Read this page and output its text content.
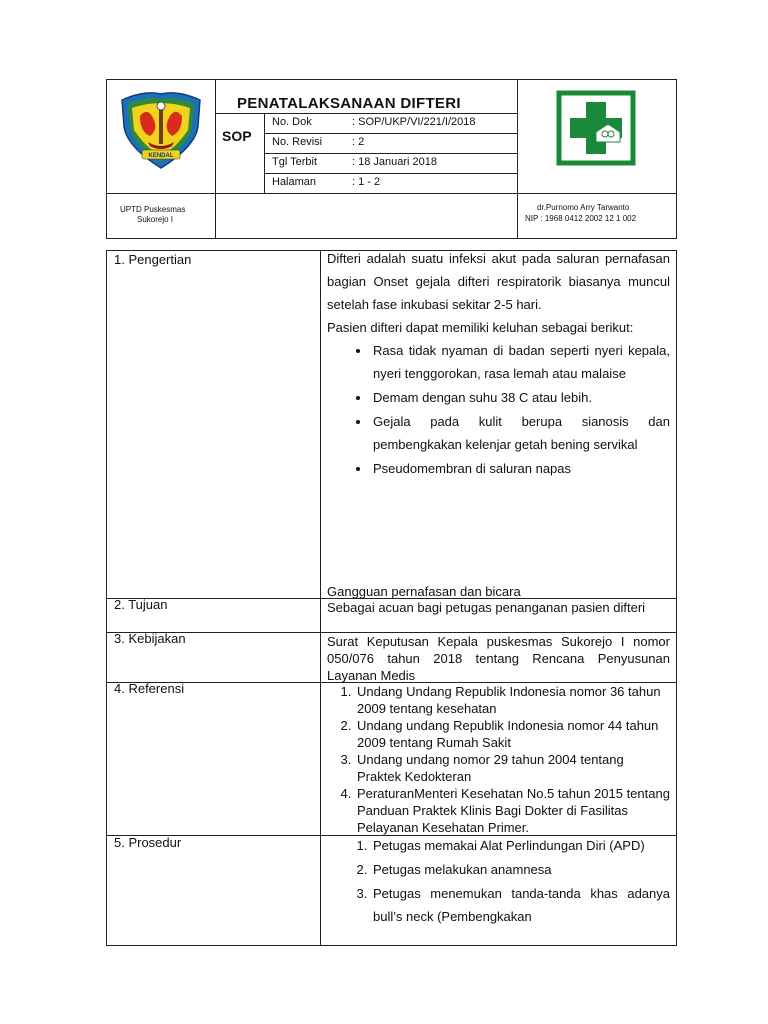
KENDAL
PENATALAKSANAAN DIFTERI
SOP
No. Dok	: SOP/UKP/VI/221/I/2018
No. Revisi	: 2
Tgl Terbit	: 18 Januari 2018
Halaman	: 1 - 2
UPTD Puskesmas
Sukorejo I
dr.Purnomo Arry Tarwanto
NIP : 1968 0412 2002 12 1 002
1. Pengertian	Difteri adalah suatu infeksi akut pada saluran pernafasan bagian Onset gejala difteri respiratorik biasanya muncul setelah fase inkubasi sekitar 2-5 hari.
Pasien difteri dapat memiliki keluhan sebagai berikut:
• Rasa tidak nyaman di badan seperti nyeri kepala, nyeri tenggorokan, rasa lemah atau malaise
• Demam dengan suhu 38 C atau lebih.
• Gejala pada kulit berupa sianosis dan pembengkakan kelenjar getah bening servikal
• Pseudomembran di saluran napas
Gangguan pernafasan dan bicara
2. Tujuan	Sebagai acuan bagi petugas penanganan pasien difteri
3. Kebijakan	Surat Keputusan Kepala puskesmas Sukorejo I nomor 050/076 tahun 2018 tentang Rencana Penyusunan Layanan Medis
4. Referensi	1. Undang Undang Republik Indonesia nomor 36 tahun 2009 tentang kesehatan
2. Undang undang Republik Indonesia nomor 44 tahun 2009 tentang Rumah Sakit
3. Undang undang nomor 29 tahun 2004 tentang Praktek Kedokteran
4. PeraturanMenteri Kesehatan No.5 tahun 2015 tentang Panduan Praktek Klinis Bagi Dokter di Fasilitas Pelayanan Kesehatan Primer.
5. Prosedur	1. Petugas memakai Alat Perlindungan Diri (APD)
2. Petugas melakukan anamnesa
3. Petugas menemukan tanda-tanda khas adanya bull’s neck (Pembengkakan
